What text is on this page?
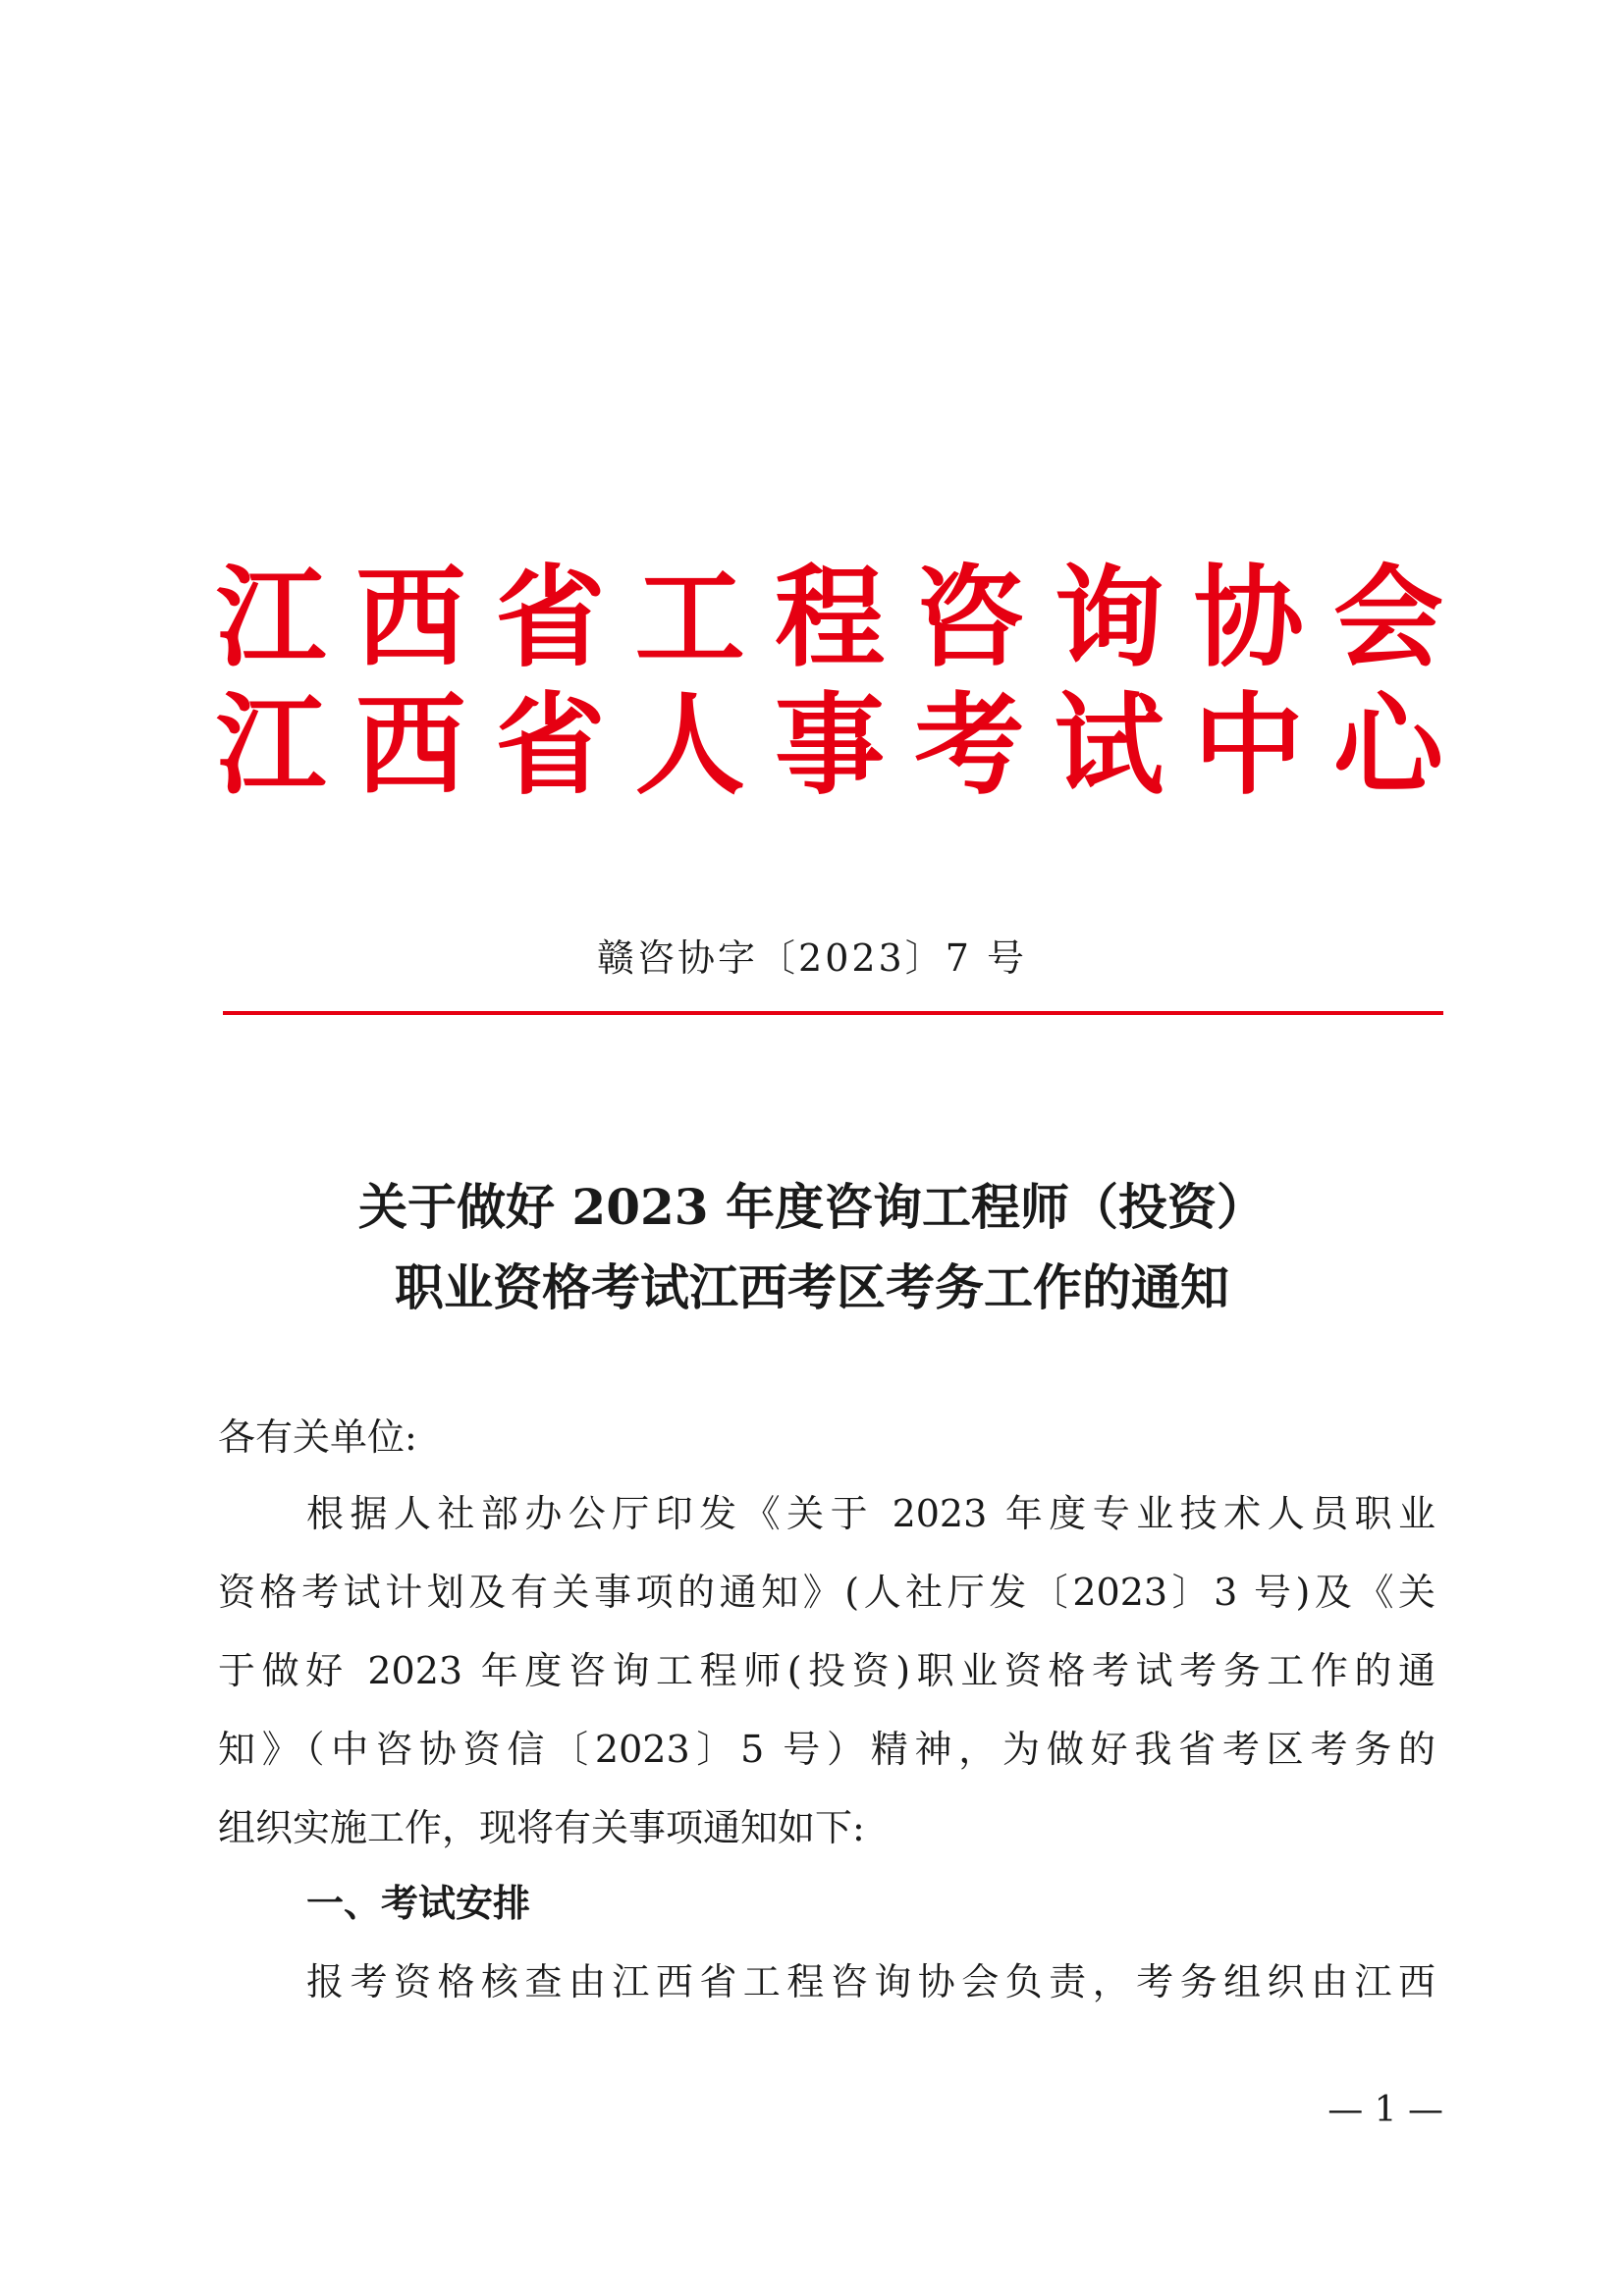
江 西 省 工 程 咨 询 协 会
江 西 省 人 事 考 试 中 心
赣咨协字〔2023〕7 号
关于做好 2023 年度咨询工程师（投资）
职业资格考试江西考区考务工作的通知
各有关单位:
根据人社部办公厅印发《关于 2023 年度专业技术人员职业
资格考试计划及有关事项的通知》(人社厅发〔2023〕3 号)及《关
于做好 2023 年度咨询工程师(投资)职业资格考试考务工作的通
知》（中咨协资信〔2023〕5 号）精神，为做好我省考区考务的
组织实施工作，现将有关事项通知如下:
一、考试安排
报考资格核查由江西省工程咨询协会负责，考务组织由江西
— 1 —
